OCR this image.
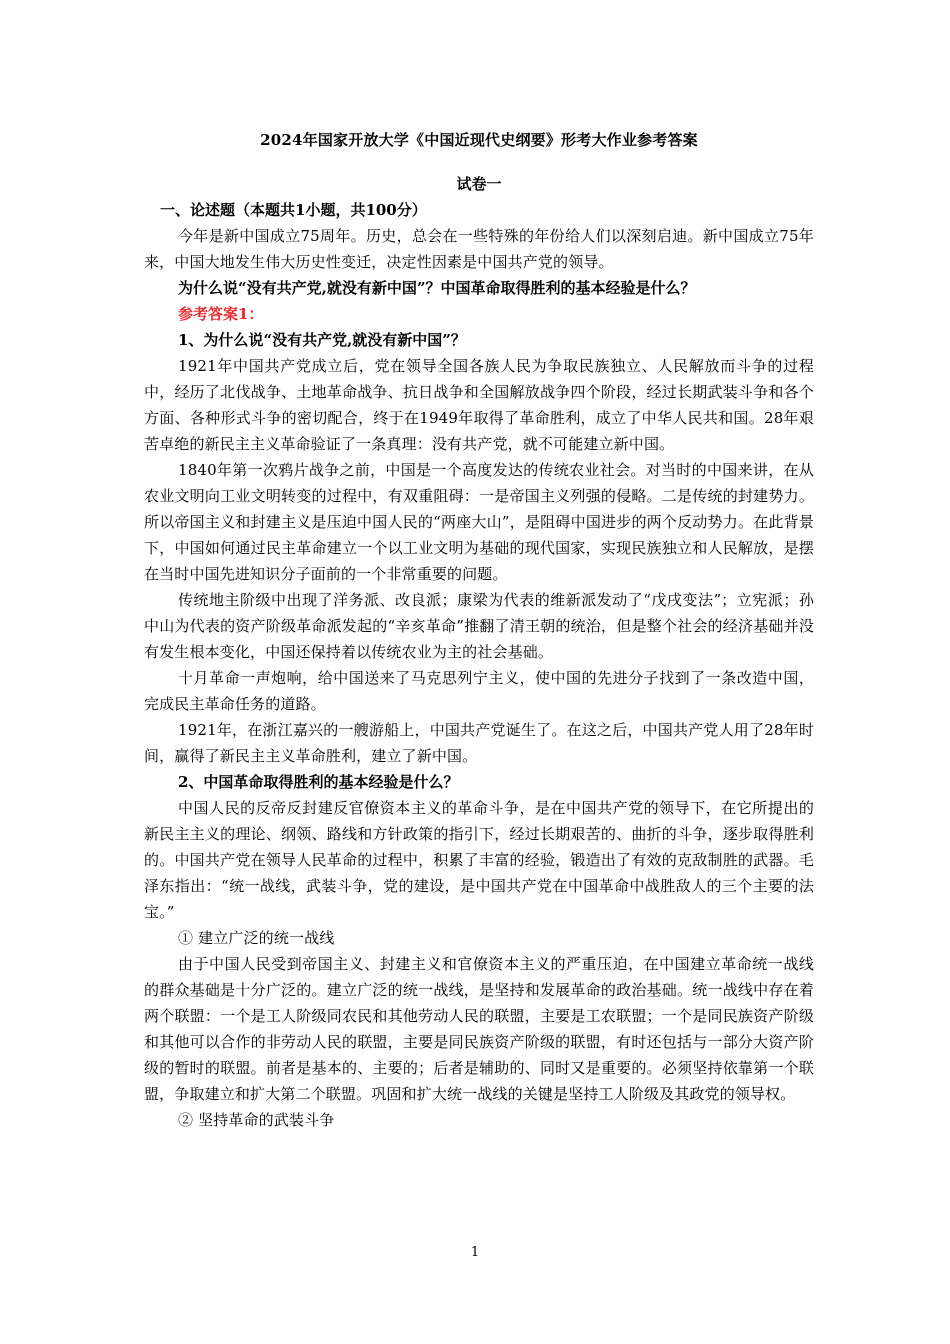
2024年国家开放大学《中国近现代史纲要》形考大作业参考答案

试卷一

一、论述题（本题共1小题，共100分）

今年是新中国成立75周年。历史，总会在一些特殊的年份给人们以深刻启迪。新中国成立75年来，中国大地发生伟大历史性变迁，决定性因素是中国共产党的领导。

为什么说“没有共产党,就没有新中国”？中国革命取得胜利的基本经验是什么？

参考答案1：

1、为什么说“没有共产党,就没有新中国”？

1921年中国共产党成立后，党在领导全国各族人民为争取民族独立、人民解放而斗争的过程中，经历了北伐战争、土地革命战争、抗日战争和全国解放战争四个阶段，经过长期武装斗争和各个方面、各种形式斗争的密切配合，终于在1949年取得了革命胜利，成立了中华人民共和国。28年艰苦卓绝的新民主主义革命验证了一条真理：没有共产党，就不可能建立新中国。

1840年第一次鸦片战争之前，中国是一个高度发达的传统农业社会。对当时的中国来讲，在从农业文明向工业文明转变的过程中，有双重阻碍：一是帝国主义列强的侵略。二是传统的封建势力。所以帝国主义和封建主义是压迫中国人民的“两座大山”，是阻碍中国进步的两个反动势力。在此背景下，中国如何通过民主革命建立一个以工业文明为基础的现代国家，实现民族独立和人民解放，是摆在当时中国先进知识分子面前的一个非常重要的问题。

传统地主阶级中出现了洋务派、改良派；康梁为代表的维新派发动了“戊戌变法”；立宪派；孙中山为代表的资产阶级革命派发起的“辛亥革命”推翻了清王朝的统治，但是整个社会的经济基础并没有发生根本变化，中国还保持着以传统农业为主的社会基础。

十月革命一声炮响，给中国送来了马克思列宁主义，使中国的先进分子找到了一条改造中国，完成民主革命任务的道路。

1921年，在浙江嘉兴的一艘游船上，中国共产党诞生了。在这之后，中国共产党人用了28年时间，赢得了新民主主义革命胜利，建立了新中国。

2、中国革命取得胜利的基本经验是什么？

中国人民的反帝反封建反官僚资本主义的革命斗争，是在中国共产党的领导下，在它所提出的新民主主义的理论、纲领、路线和方针政策的指引下，经过长期艰苦的、曲折的斗争，逐步取得胜利的。中国共产党在领导人民革命的过程中，积累了丰富的经验，锻造出了有效的克敌制胜的武器。毛泽东指出：“统一战线，武装斗争，党的建设，是中国共产党在中国革命中战胜敌人的三个主要的法宝。”

① 建立广泛的统一战线

由于中国人民受到帝国主义、封建主义和官僚资本主义的严重压迫，在中国建立革命统一战线的群众基础是十分广泛的。建立广泛的统一战线，是坚持和发展革命的政治基础。统一战线中存在着两个联盟：一个是工人阶级同农民和其他劳动人民的联盟，主要是工农联盟；一个是同民族资产阶级和其他可以合作的非劳动人民的联盟，主要是同民族资产阶级的联盟，有时还包括与一部分大资产阶级的暂时的联盟。前者是基本的、主要的；后者是辅助的、同时又是重要的。必须坚持依靠第一个联盟，争取建立和扩大第二个联盟。巩固和扩大统一战线的关键是坚持工人阶级及其政党的领导权。

② 坚持革命的武装斗争

1
